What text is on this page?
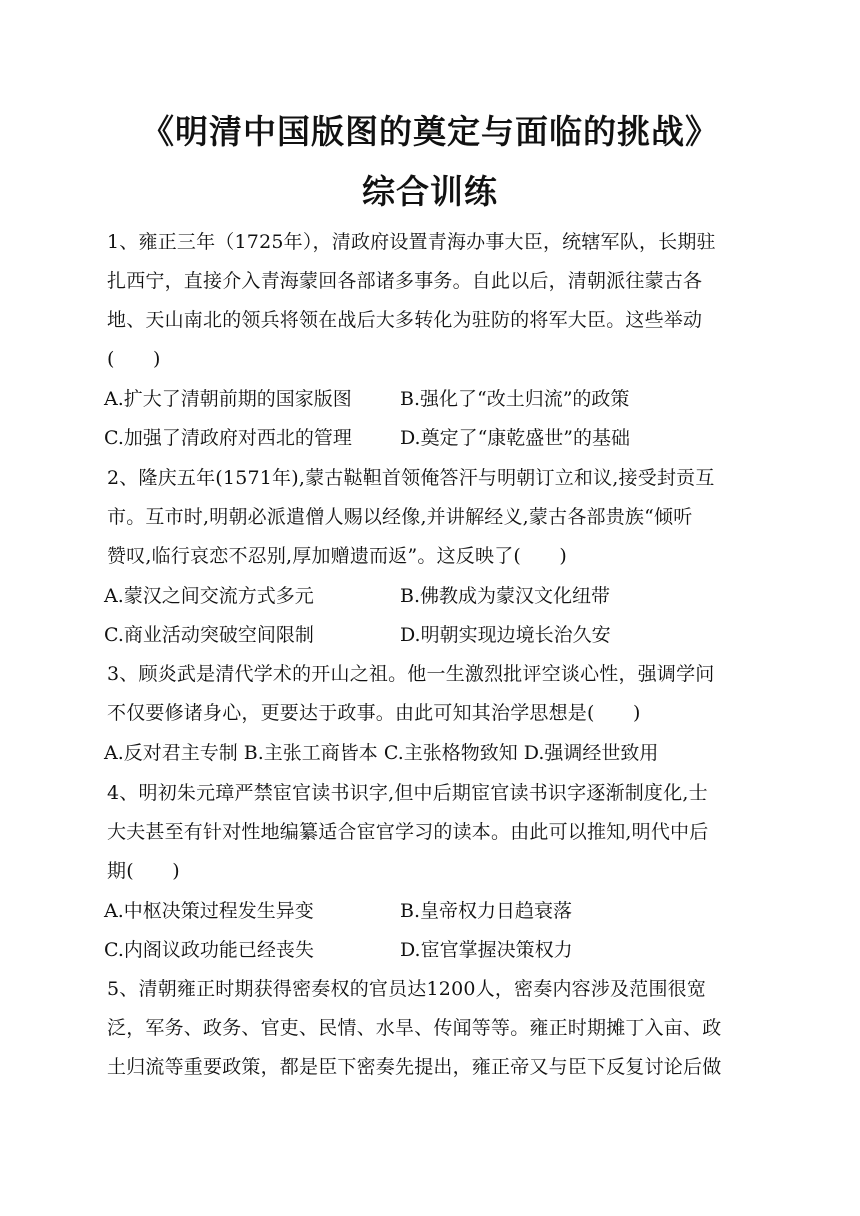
《明清中国版图的奠定与面临的挑战》
综合训练
1、雍正三年（1725年），清政府设置青海办事大臣，统辖军队，长期驻
扎西宁，直接介入青海蒙回各部诸多事务。自此以后，清朝派往蒙古各
地、天山南北的领兵将领在战后大多转化为驻防的将军大臣。这些举动
(　　)
A.扩大了清朝前期的国家版图	B.强化了“改土归流”的政策
C.加强了清政府对西北的管理	D.奠定了“康乾盛世”的基础
2、隆庆五年(1571年),蒙古鞑靼首领俺答汗与明朝订立和议,接受封贡互
市。互市时,明朝必派遣僧人赐以经像,并讲解经义,蒙古各部贵族“倾听
赞叹,临行哀恋不忍别,厚加赠遗而返”。这反映了(　　)
A.蒙汉之间交流方式多元	B.佛教成为蒙汉文化纽带
C.商业活动突破空间限制	D.明朝实现边境长治久安
3、顾炎武是清代学术的开山之祖。他一生激烈批评空谈心性，强调学问
不仅要修诸身心，更要达于政事。由此可知其治学思想是(　　)
A.反对君主专制 B.主张工商皆本 C.主张格物致知 D.强调经世致用
4、明初朱元璋严禁宦官读书识字,但中后期宦官读书识字逐渐制度化,士
大夫甚至有针对性地编纂适合宦官学习的读本。由此可以推知,明代中后
期(　　)
A.中枢决策过程发生异变	B.皇帝权力日趋衰落
C.内阁议政功能已经丧失	D.宦官掌握决策权力
5、清朝雍正时期获得密奏权的官员达1200人，密奏内容涉及范围很宽
泛，军务、政务、官吏、民情、水旱、传闻等等。雍正时期摊丁入亩、政
土归流等重要政策，都是臣下密奏先提出，雍正帝又与臣下反复讨论后做
